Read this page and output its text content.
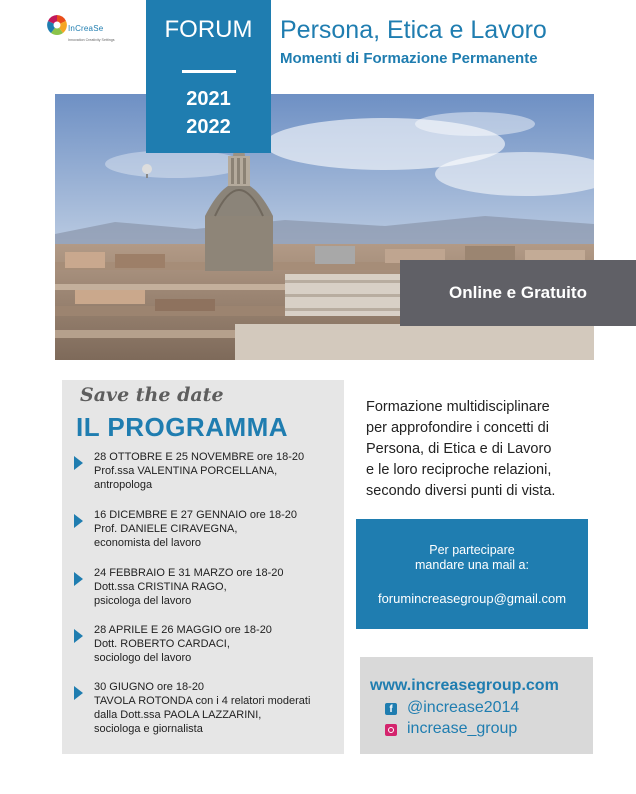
InCreaSe
Innovation Creativity Settings	FORUM
2021
2022
Persona, Etica e Lavoro
Momenti di Formazione Permanente
Online e Gratuito
Save the date
IL PROGRAMMA
28 OTTOBRE E 25 NOVEMBRE ore 18-20
Prof.ssa VALENTINA PORCELLANA,
antropologa
16 DICEMBRE E 27 GENNAIO ore 18-20
Prof. DANIELE CIRAVEGNA,
economista del lavoro
24 FEBBRAIO E 31 MARZO ore 18-20
Dott.ssa CRISTINA RAGO,
psicologa del lavoro
28 APRILE E 26 MAGGIO ore 18-20
Dott. ROBERTO CARDACI,
sociologo del lavoro
30 GIUGNO ore 18-20
TAVOLA ROTONDA con i 4 relatori moderati
dalla Dott.ssa PAOLA LAZZARINI,
sociologa e giornalista
Formazione multidisciplinare
per approfondire i concetti di
Persona, di Etica e di Lavoro
e le loro reciproche relazioni,
secondo diversi punti di vista.
Per partecipare
mandare una mail a:
forumincreasegroup@gmail.com
www.increasegroup.com
f @increase2014
increase_group
